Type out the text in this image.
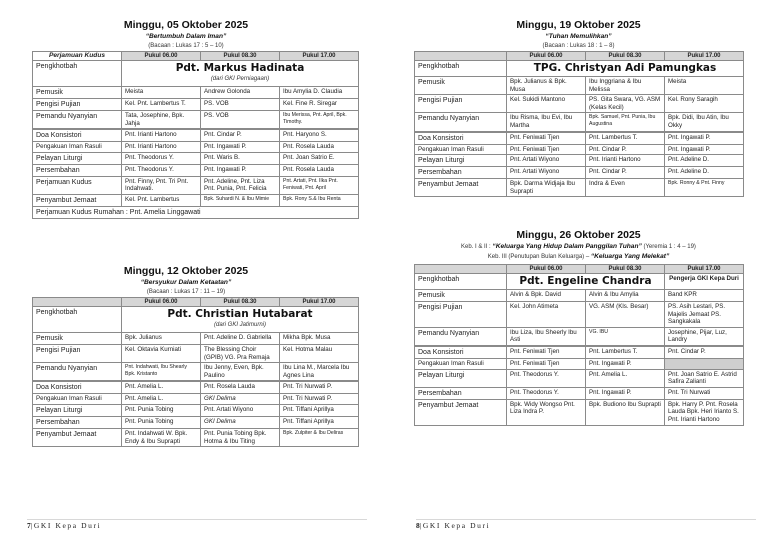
Minggu, 05 Oktober 2025
“Bertumbuh Dalam Iman”
(Bacaan : Lukas 17 : 5 – 10)
Perjamuan Kudus	Pukul 06.00	Pukul 08.30	Pukul 17.00
Pengkhotbah	Pdt. Markus Hadinata
(dari GKI Perniagaan)		

Pemusik	Meista	Andrew Golonda	Ibu Amylia D. Claudia
Pengisi Pujian	Kel. Pnt. Lambertus T.	PS. VOB	Kel. Fine R. Siregar
Pemandu Nyanyian	Tata, Josephine, Bpk. Jahja	PS. VOB	Ibu Merissa, Pnt. April, Bpk. Timothy.
Doa Konsistori	Pnt. Irianti Hartono	Pnt. Cindar P.	Pnt. Haryono S.
Pengakuan Iman Rasuli	Pnt. Irianti Hartono	Pnt. Ingawati P.	Pnt. Rosela Lauda
Pelayan Liturgi	Pnt. Theodorus Y.	Pnt. Waris B.	Pnt. Joan Satrio E.
Persembahan	Pnt. Theodorus Y.	Pnt. Ingawati P.	Pnt. Rosela Lauda
Perjamuan Kudus	Pnt. Finny, Pnt. Tri Pnt. Indahwati.	Pnt. Adeline, Pnt. Liza Pnt. Punia, Pnt. Felicia	Pnt. Artati, Pnt. Ilka Pnt. Feniwati, Pnt. April
Penyambut Jemaat	Kel. Pnt. Lambertus	Bpk. Suhardi N. & Ibu Mimie	Bpk. Rony S.& Ibu Renta
Perjamuan Kudus Rumahan : Pnt. Amelia Linggawati			
Minggu, 12 Oktober 2025
“Bersyukur Dalam Ketaatan”
(Bacaan : Lukas 17 : 11 – 19)
	Pukul 06.00	Pukul 08.30	Pukul 17.00
Pengkhotbah	Pdt. Christian Hutabarat
(dari GKI Jatimurni)		

Pemusik	Bpk. Julianus	Pnt. Adeline D. Gabriella	Mikha Bpk. Musa
Pengisi Pujian	Kel. Oktavia Kurniati	The Blessing Choir (GPIB) VG. Pra Remaja	Kel. Hotma Malau
Pemandu Nyanyian	Pnt. Indahwati, Ibu Shearly Bpk. Kristanto	Ibu Jenny, Even, Bpk. Paulino	Ibu Lina M., Marcela Ibu Agnes Lina
Doa Konsistori	Pnt. Amelia L.	Pnt. Rosela Lauda	Pnt. Tri Nurwati P.
Pengakuan Iman Rasuli	Pnt. Amelia L.	GKI Delima	Pnt. Tri Nurwati P.
Pelayan Liturgi	Pnt. Punia Tobing	Pnt. Artati Wiyono	Pnt. Tiffani Aprillya
Persembahan	Pnt. Punia Tobing	GKI Delima	Pnt. Tiffani Aprillya
Penyambut Jemaat	Pnt. Indahwati W. Bpk. Endy & Ibu Suprapti	Pnt. Punia Tobing Bpk. Hotma & Ibu Titing	Bpk. Zulpiter & Ibu Deliras
7|GKI Kepa Duri
Minggu, 19 Oktober 2025
“Tuhan Memulihkan”
(Bacaan : Lukas 18 : 1 – 8)
	Pukul 06.00	Pukul 08.30	Pukul 17.00
Pengkhotbah	TPG. Christyan Adi Pamungkas		

Pemusik	Bpk. Julianus & Bpk. Musa	Ibu Inggriana & Ibu Melissa	Meista
Pengisi Pujian	Kel. Sukidi Mantono	PS. Gita Swara, VG. ASM (Kelas Kecil)	Kel. Rony Saragih
Pemandu Nyanyian	Ibu Risma, Ibu Evi, Ibu Martha	Bpk. Samuel, Pnt. Punia, Ibu Augustina	Bpk. Didi, Ibu Atin, Ibu Okky
Doa Konsistori	Pnt. Feniwati Tjen	Pnt. Lambertus T.	Pnt. Ingawati P.
Pengakuan Iman Rasuli	Pnt. Feniwati Tjen	Pnt. Cindar P.	Pnt. Ingawati P.
Pelayan Liturgi	Pnt. Artati Wiyono	Pnt. Irianti Hartono	Pnt. Adeline D.
Persembahan	Pnt. Artati Wiyono	Pnt. Cindar P.	Pnt. Adeline D.
Penyambut Jemaat	Bpk. Darma Widjaja Ibu Suprapti	Indra & Even	Bpk. Ronny & Pnt. Finny
Minggu, 26 Oktober 2025
Keb. I & II : “Keluarga Yang Hidup Dalam Panggilan Tuhan” (Yeremia 1 : 4 – 19)
Keb. III (Penutupan Bulan Keluarga) – “Keluarga Yang Melekat”
	Pukul 06.00	Pukul 08.30	Pukul 17.00
Pengkhotbah	Pdt. Engeline Chandra		Pengerja GKI Kepa Duri
Pemusik	Alvin & Bpk. David	Alvin & Ibu Amylia	Band KPR
Pengisi Pujian	Kel. John Atimeta	VG. ASM (Kls. Besar)	PS. Asih Lestari, PS. Majelis Jemaat PS. Sangkakala
Pemandu Nyanyian	Ibu Liza, Ibu Sheerly Ibu Asti	VG. IBU	Josephine, Pijar, Luz, Landry
Doa Konsistori	Pnt. Feniwati Tjen	Pnt. Lambertus T.	Pnt. Cindar P.
Pengakuan Iman Rasuli	Pnt. Feniwati Tjen	Pnt. Ingawati P.	
Pelayan Liturgi	Pnt. Theodorus Y.	Pnt. Amelia L.	Pnt. Joan Satrio E. Astrid Safira Zalianti
Persembahan	Pnt. Theodorus Y.	Pnt. Ingawati P.	Pnt. Tri Nurwati
Penyambut Jemaat	Bpk. Widy Wongso Pnt. Liza Indra P.	Bpk. Budiono Ibu Suprapti	Bpk. Harry P. Pnt. Rosela Lauda Bpk. Heri Irianto S. Pnt. Irianti Hartono
8|GKI Kepa Duri
